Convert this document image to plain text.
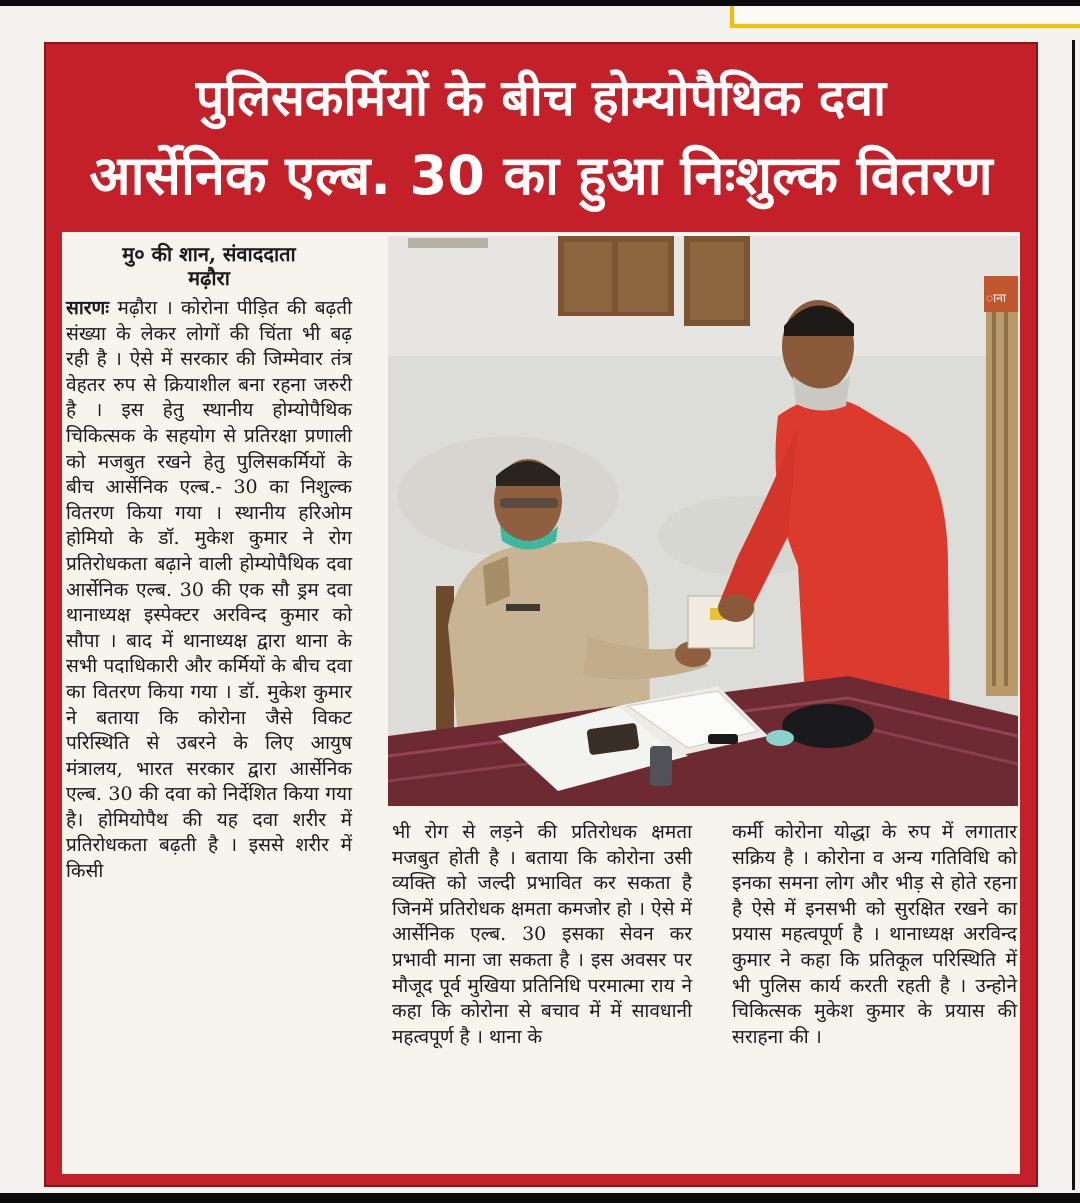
पुलिसकर्मियों के बीच होम्योपैथिक दवा
आर्सेनिक एल्ब. 30 का हुआ निःशुल्क वितरण
मु० की शान, संवाददाता
मढ़ौरा
सारणः मढ़ौरा । कोरोना पीड़ित की बढ़ती संख्या के लेकर लोगों की चिंता भी बढ़ रही है । ऐसे में सरकार की जिम्मेवार तंत्र वेहतर रुप से क्रियाशील बना रहना जरुरी है । इस हेतु स्थानीय होम्योपैथिक चिकित्सक के सहयोग से प्रतिरक्षा प्रणाली को मजबुत रखने हेतु पुलिसकर्मियों के बीच आर्सेनिक एल्ब.- 30 का निशुल्क वितरण किया गया । स्थानीय हरिओम होमियो के डॉ. मुकेश कुमार ने रोग प्रतिरोधकता बढ़ाने वाली होम्योपैथिक दवा आर्सेनिक एल्ब. 30 की एक सौ ड्रम दवा थानाध्यक्ष इस्पेक्टर अरविन्द कुमार को सौपा । बाद में थानाध्यक्ष द्वारा थाना के सभी पदाधिकारी और कर्मियों के बीच दवा का वितरण किया गया । डॉ. मुकेश कुमार ने बताया कि कोरोना जैसे विकट परिस्थिति से उबरने के लिए आयुष मंत्रालय, भारत सरकार द्वारा आर्सेनिक एल्ब. 30 की दवा को निर्देशित किया गया है। होमियोपैथ की यह दवा शरीर में प्रतिरोधकता बढ़ती है । इससे शरीर में किसी
ाना
भी रोग से लड़ने की प्रतिरोधक क्षमता मजबुत होती है । बताया कि कोरोना उसी व्यक्ति को जल्दी प्रभावित कर सकता है जिनमें प्रतिरोधक क्षमता कमजोर हो । ऐसे में आर्सेनिक एल्ब. 30 इसका सेवन कर प्रभावी माना जा सकता है । इस अवसर पर मौजूद पूर्व मुखिया प्रतिनिधि परमात्मा राय ने कहा कि कोरोना से बचाव में में सावधानी महत्वपूर्ण है । थाना के
कर्मी कोरोना योद्धा के रुप में लगातार सक्रिय है । कोरोना व अन्य गतिविधि को इनका समना लोग और भीड़ से होते रहना है ऐसे में इनसभी को सुरक्षित रखने का प्रयास महत्वपूर्ण है । थानाध्यक्ष अरविन्द कुमार ने कहा कि प्रतिकूल परिस्थिति में भी पुलिस कार्य करती रहती है । उन्होने चिकित्सक मुकेश कुमार के प्रयास की सराहना की ।
